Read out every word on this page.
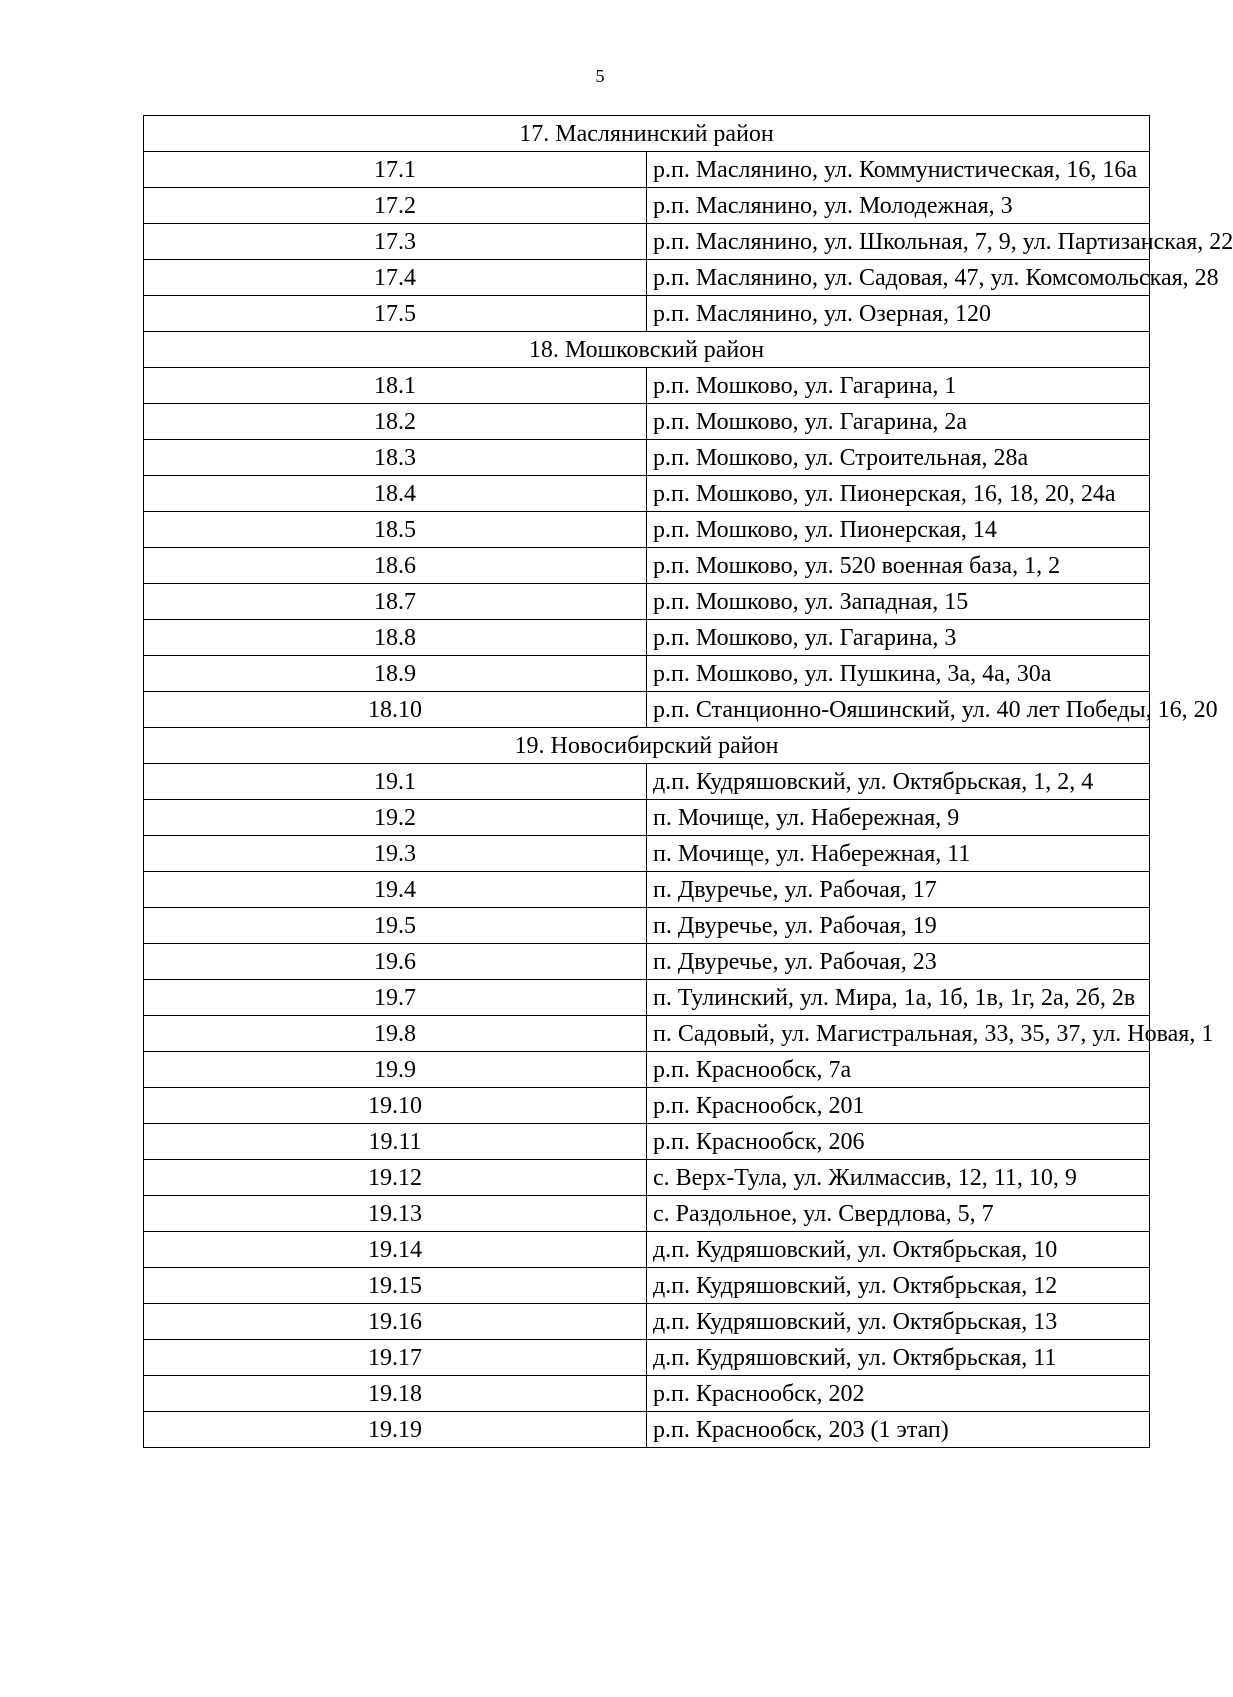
5
17. Маслянинский район	
17.1	р.п. Маслянино, ул. Коммунистическая, 16, 16а
17.2	р.п. Маслянино, ул. Молодежная, 3
17.3	р.п. Маслянино, ул. Школьная, 7, 9, ул. Партизанская, 22
17.4	р.п. Маслянино, ул. Садовая, 47, ул. Комсомольская, 28
17.5	р.п. Маслянино, ул. Озерная, 120
18. Мошковский район	
18.1	р.п. Мошково, ул. Гагарина, 1
18.2	р.п. Мошково, ул. Гагарина, 2а
18.3	р.п. Мошково, ул. Строительная, 28а
18.4	р.п. Мошково, ул. Пионерская, 16, 18, 20, 24а
18.5	р.п. Мошково, ул. Пионерская, 14
18.6	р.п. Мошково, ул. 520 военная база, 1, 2
18.7	р.п. Мошково, ул. Западная, 15
18.8	р.п. Мошково, ул. Гагарина, 3
18.9	р.п. Мошково, ул. Пушкина, 3а, 4а, 30а
18.10	р.п. Станционно-Ояшинский, ул. 40 лет Победы, 16, 20
19. Новосибирский район	
19.1	д.п. Кудряшовский, ул. Октябрьская, 1, 2, 4
19.2	п. Мочище, ул. Набережная, 9
19.3	п. Мочище, ул. Набережная, 11
19.4	п. Двуречье, ул. Рабочая, 17
19.5	п. Двуречье, ул. Рабочая, 19
19.6	п. Двуречье, ул. Рабочая, 23
19.7	п. Тулинский, ул. Мира, 1а, 1б, 1в, 1г, 2а, 2б, 2в
19.8	п. Садовый, ул. Магистральная, 33, 35, 37, ул. Новая, 1
19.9	р.п. Краснообск, 7а
19.10	р.п. Краснообск, 201
19.11	р.п. Краснообск, 206
19.12	с. Верх-Тула, ул. Жилмассив, 12, 11, 10, 9
19.13	с. Раздольное, ул. Свердлова, 5, 7
19.14	д.п. Кудряшовский, ул. Октябрьская, 10
19.15	д.п. Кудряшовский, ул. Октябрьская, 12
19.16	д.п. Кудряшовский, ул. Октябрьская, 13
19.17	д.п. Кудряшовский, ул. Октябрьская, 11
19.18	р.п. Краснообск, 202
19.19	р.п. Краснообск, 203 (1 этап)
